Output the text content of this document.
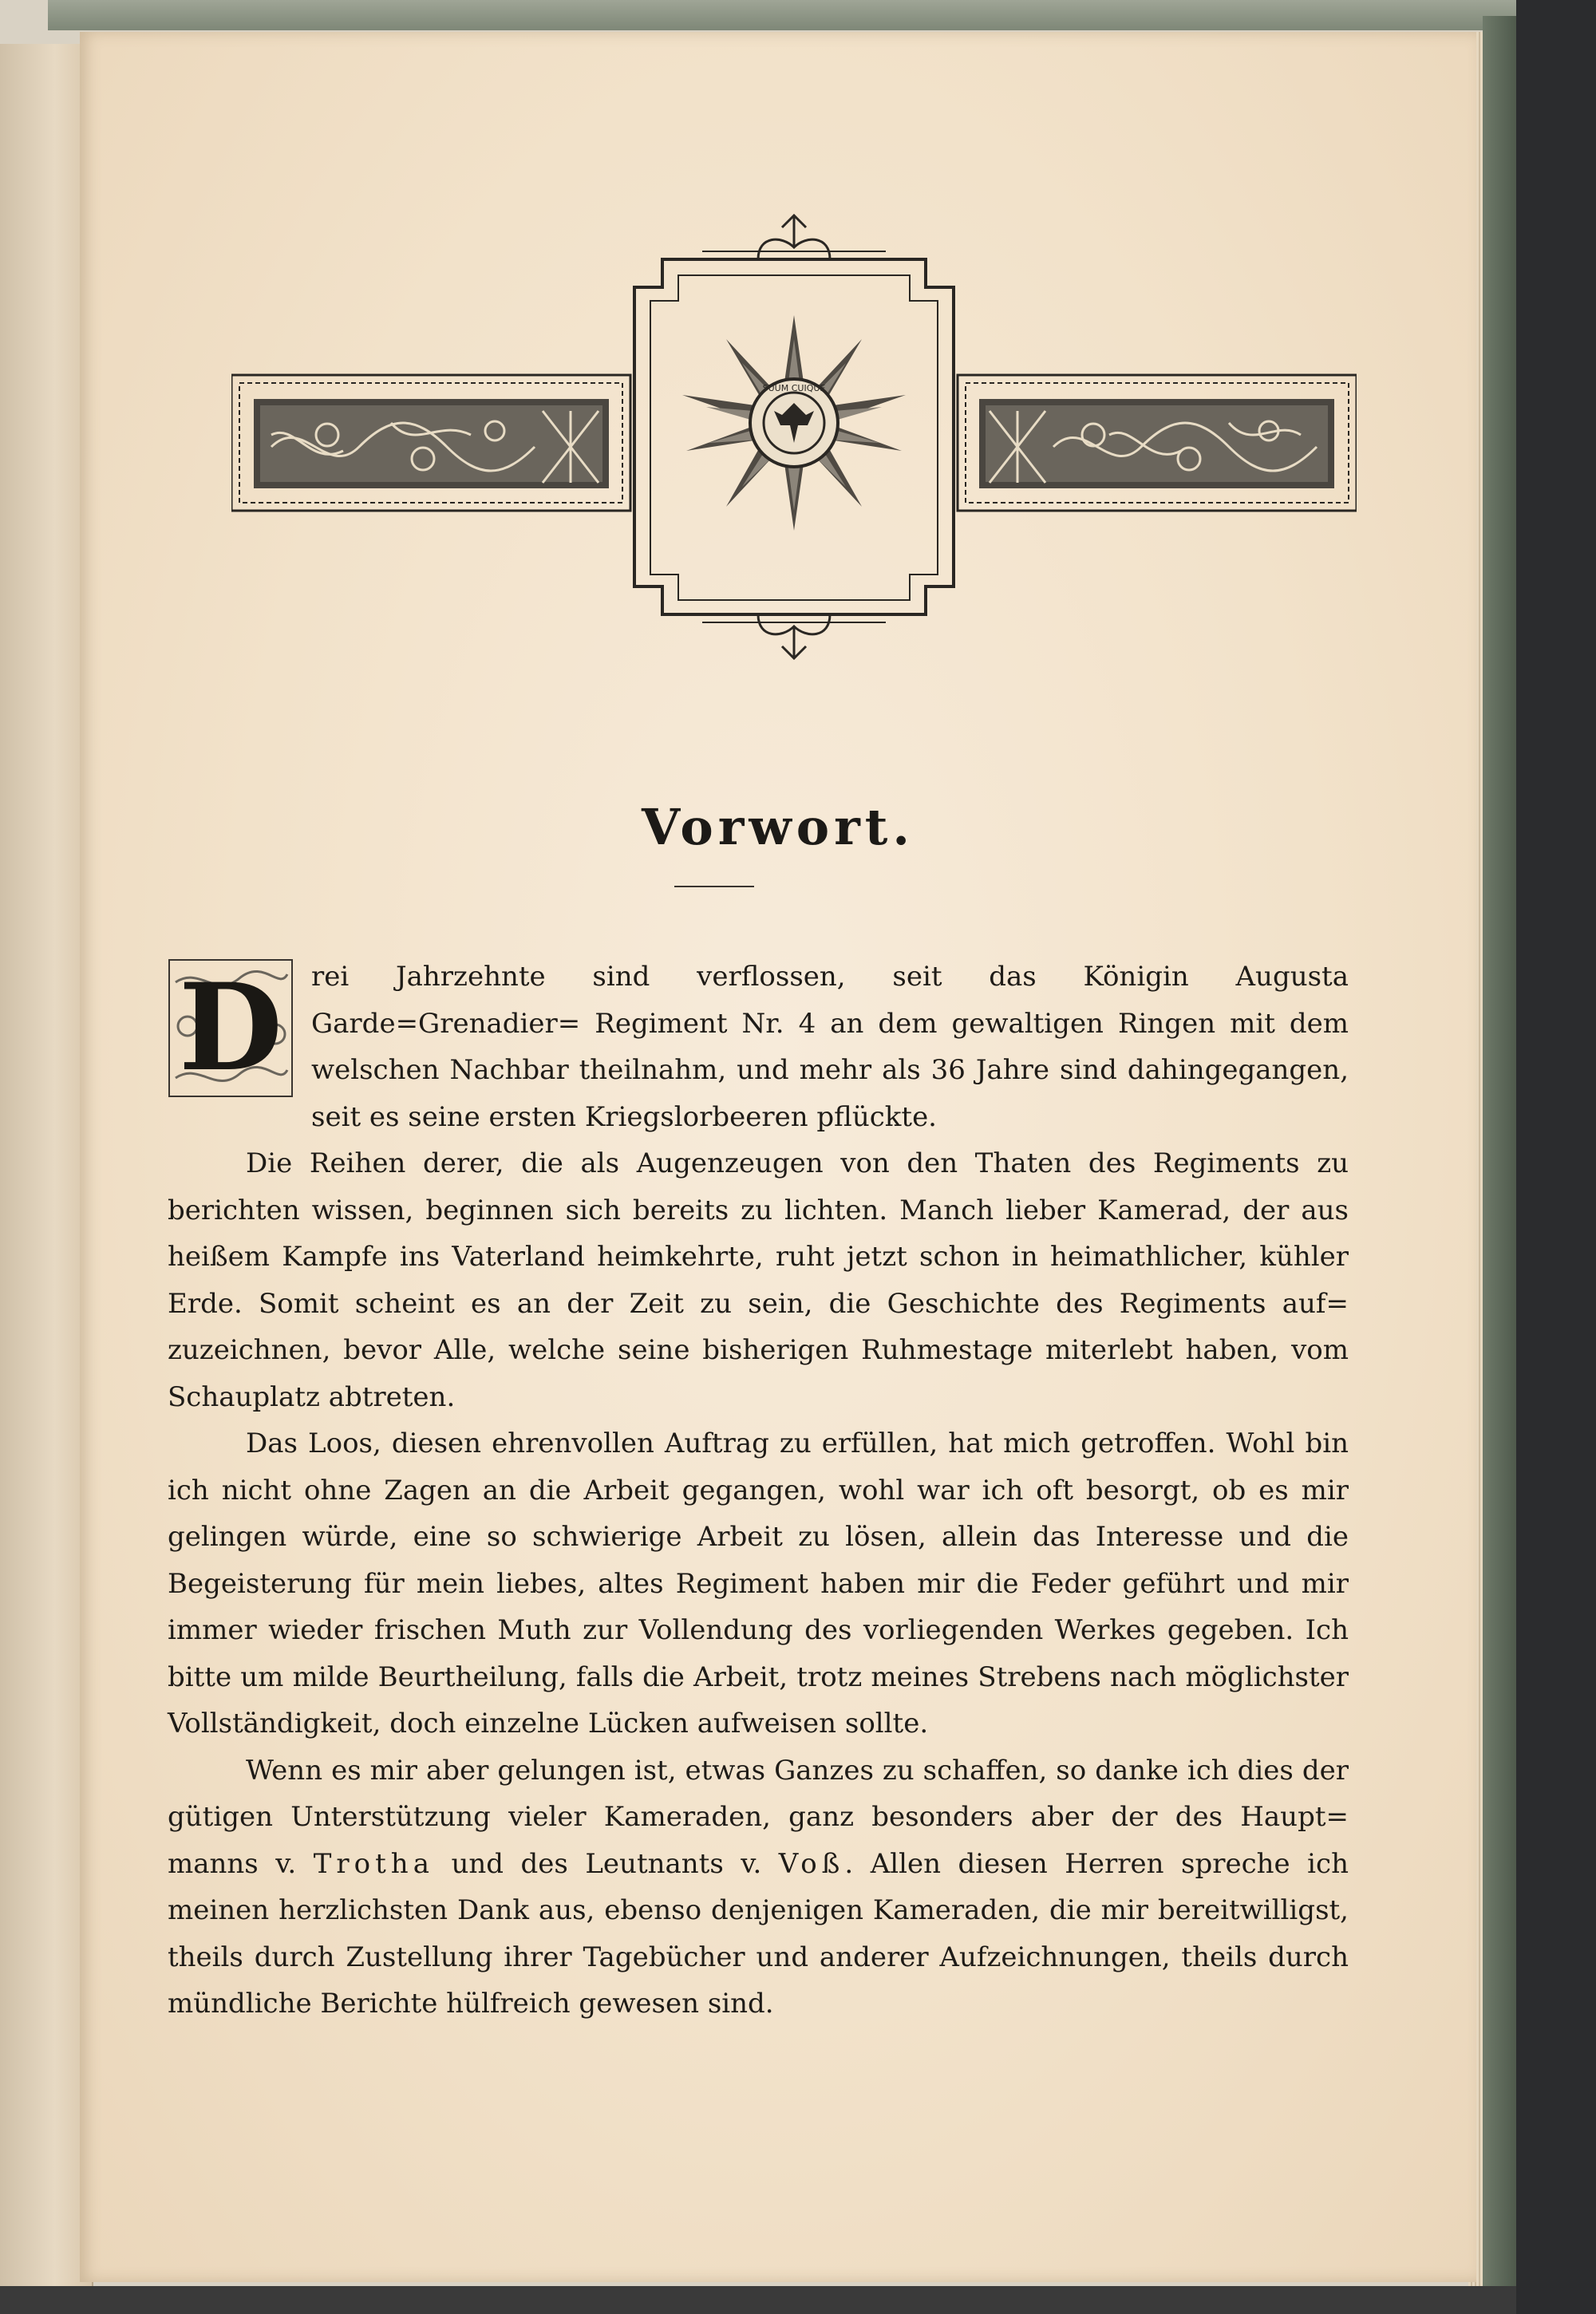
SUUM CUIQUE
Vorwort.

D	rei Jahrzehnte sind verflossen, seit das Königin Augusta Garde=Grenadier= Regiment Nr. 4 an dem gewaltigen Ringen mit dem welschen Nachbar theilnahm, und mehr als 36 Jahre sind dahingegangen, seit es seine ersten Kriegslorbeeren pflückte.

Die Reihen derer, die als Augenzeugen von den Thaten des Regiments zu berichten wissen, beginnen sich bereits zu lichten. Manch lieber Kamerad, der aus heißem Kampfe ins Vaterland heimkehrte, ruht jetzt schon in heimathlicher, kühler Erde. Somit scheint es an der Zeit zu sein, die Geschichte des Regiments auf= zuzeichnen, bevor Alle, welche seine bisherigen Ruhmestage miterlebt haben, vom Schauplatz abtreten.

Das Loos, diesen ehrenvollen Auftrag zu erfüllen, hat mich getroffen. Wohl bin ich nicht ohne Zagen an die Arbeit gegangen, wohl war ich oft besorgt, ob es mir gelingen würde, eine so schwierige Arbeit zu lösen, allein das Interesse und die Begeisterung für mein liebes, altes Regiment haben mir die Feder geführt und mir immer wieder frischen Muth zur Vollendung des vorliegenden Werkes gegeben. Ich bitte um milde Beurtheilung, falls die Arbeit, trotz meines Strebens nach möglichster Vollständigkeit, doch einzelne Lücken aufweisen sollte.

Wenn es mir aber gelungen ist, etwas Ganzes zu schaffen, so danke ich dies der gütigen Unterstützung vieler Kameraden, ganz besonders aber der des Haupt= manns v. Trotha und des Leutnants v. Voß. Allen diesen Herren spreche ich meinen herzlichsten Dank aus, ebenso denjenigen Kameraden, die mir bereitwilligst, theils durch Zustellung ihrer Tagebücher und anderer Aufzeichnungen, theils durch mündliche Berichte hülfreich gewesen sind.
